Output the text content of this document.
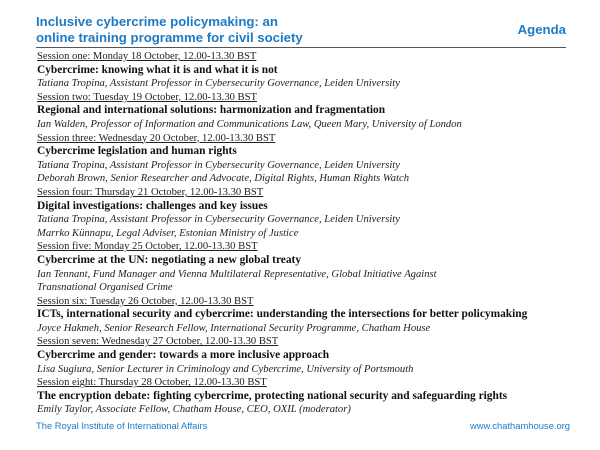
Inclusive cybercrime policymaking: an
online training programme for civil society
Agenda
Session one: Monday 18 October, 12.00-13.30 BST
Cybercrime: knowing what it is and what it is not
Tatiana Tropina, Assistant Professor in Cybersecurity Governance, Leiden University
Session two: Tuesday 19 October, 12.00-13.30 BST
Regional and international solutions: harmonization and fragmentation
Ian Walden, Professor of Information and Communications Law, Queen Mary, University of London
Session three: Wednesday 20 October, 12.00-13.30 BST
Cybercrime legislation and human rights
Tatiana Tropina, Assistant Professor in Cybersecurity Governance, Leiden University
Deborah Brown, Senior Researcher and Advocate, Digital Rights, Human Rights Watch
Session four: Thursday 21 October, 12.00-13.30 BST
Digital investigations: challenges and key issues
Tatiana Tropina, Assistant Professor in Cybersecurity Governance, Leiden University
Marrko Künnapu, Legal Adviser, Estonian Ministry of Justice
Session five: Monday 25 October, 12.00-13.30 BST
Cybercrime at the UN: negotiating a new global treaty
Ian Tennant, Fund Manager and Vienna Multilateral Representative, Global Initiative Against
Transnational Organised Crime
Session six: Tuesday 26 October, 12.00-13.30 BST
ICTs, international security and cybercrime: understanding the intersections for better policymaking
Joyce Hakmeh, Senior Research Fellow, International Security Programme, Chatham House
Session seven: Wednesday 27 October, 12.00-13.30 BST
Cybercrime and gender: towards a more inclusive approach
Lisa Sugiura, Senior Lecturer in Criminology and Cybercrime, University of Portsmouth
Session eight: Thursday 28 October, 12.00-13.30 BST
The encryption debate: fighting cybercrime, protecting national security and safeguarding rights
Emily Taylor, Associate Fellow, Chatham House, CEO, OXIL (moderator)
The Royal Institute of International Affairs	www.chathamhouse.org
